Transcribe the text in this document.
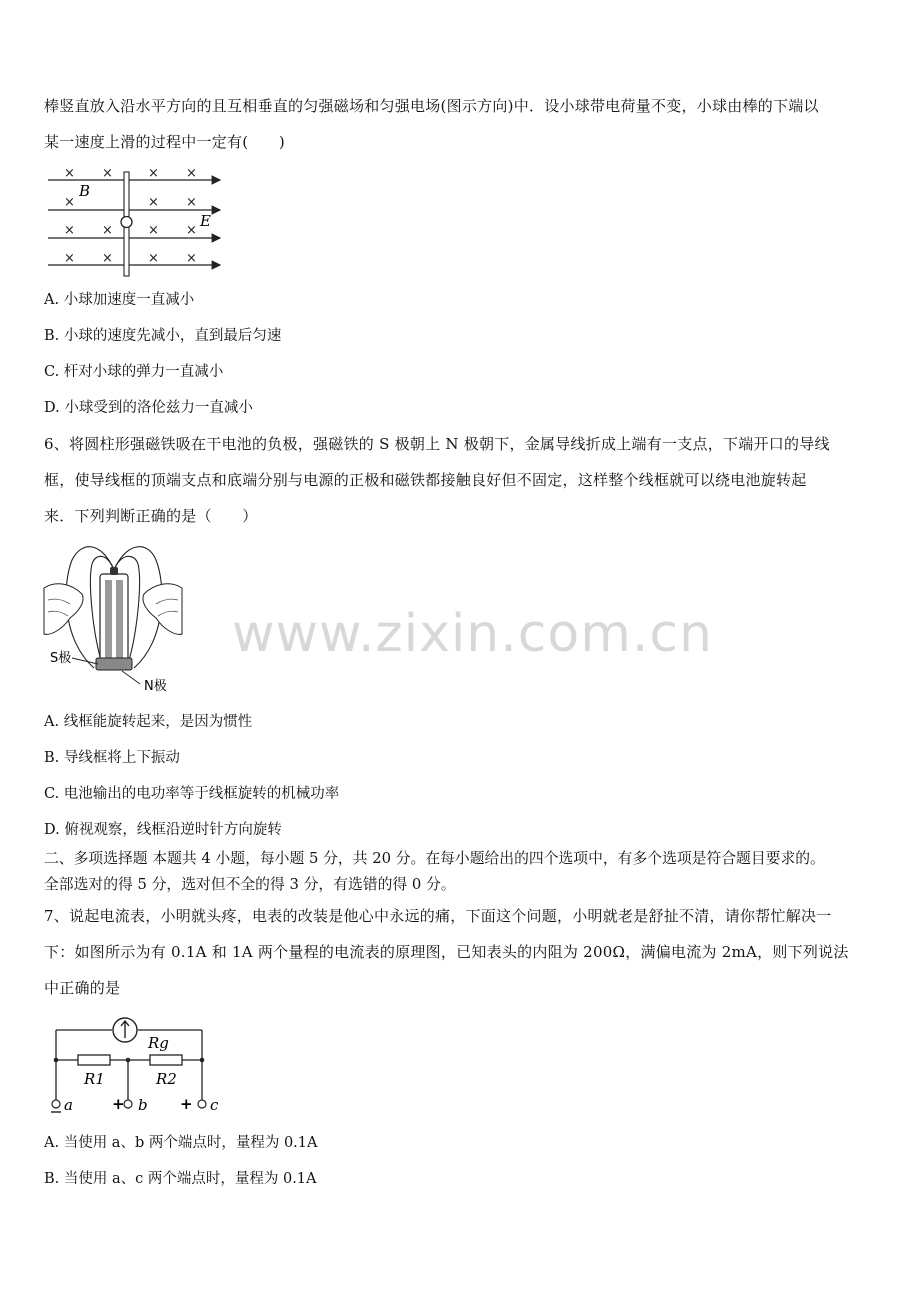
棒竖直放入沿水平方向的且互相垂直的匀强磁场和匀强电场(图示方向)中．设小球带电荷量不变，小球由棒的下端以
某一速度上滑的过程中一定有(　　)
× ×	× ×
×	× ×
× ×	× ×
× ×	× ×
B
E
A. 小球加速度一直减小
B. 小球的速度先减小，直到最后匀速
C. 杆对小球的弹力一直减小
D. 小球受到的洛伦兹力一直减小
6、将圆柱形强磁铁吸在干电池的负极，强磁铁的 S 极朝上 N 极朝下，金属导线折成上端有一支点，下端开口的导线
框，使导线框的顶端支点和底端分别与电源的正极和磁铁都接触良好但不固定，这样整个线框就可以绕电池旋转起
来．下列判断正确的是（　　）
S极
N极
A. 线框能旋转起来，是因为惯性
B. 导线框将上下振动
C. 电池输出的电功率等于线框旋转的机械功率
D. 俯视观察，线框沿逆时针方向旋转
二、多项选择题 本题共 4 小题，每小题 5 分，共 20 分。在每小题给出的四个选项中，有多个选项是符合题目要求的。
全部选对的得 5 分，选对但不全的得 3 分，有选错的得 0 分。
7、说起电流表，小明就头疼，电表的改装是他心中永远的痛，下面这个问题，小明就老是舒扯不清，请你帮忙解决一
下：如图所示为有 0.1A 和 1A 两个量程的电流表的原理图，已知表头的内阻为 200Ω，满偏电流为 2mA，则下列说法
中正确的是
+	+
Rg
R1	R2
a	b	c
A. 当使用 a、b 两个端点时，量程为 0.1A
B. 当使用 a、c 两个端点时，量程为 0.1A
www.zixin.com.cn
